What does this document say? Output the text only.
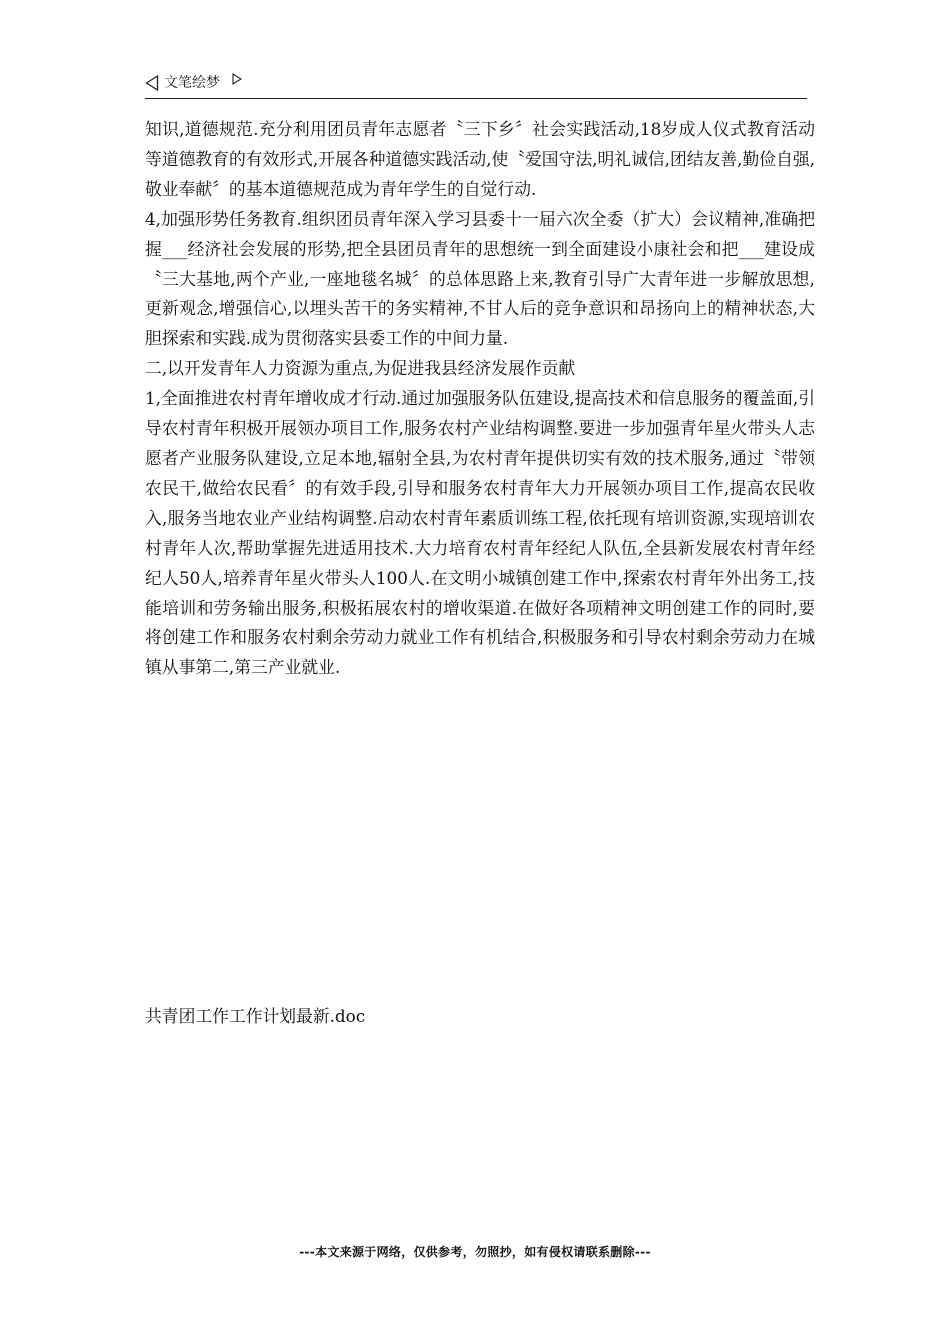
文笔绘梦

知识,道德规范.充分利用团员青年志愿者〝三下乡〞社会实践活动,18岁成人仪式教育活动等道德教育的有效形式,开展各种道德实践活动,使〝爱国守法,明礼诚信,团结友善,勤俭自强,敬业奉献〞的基本道德规范成为青年学生的自觉行动.

4,加强形势任务教育.组织团员青年深入学习县委十一届六次全委（扩大）会议精神,准确把握___经济社会发展的形势,把全县团员青年的思想统一到全面建设小康社会和把___建设成〝三大基地,两个产业,一座地毯名城〞的总体思路上来,教育引导广大青年进一步解放思想,更新观念,增强信心,以埋头苦干的务实精神,不甘人后的竞争意识和昂扬向上的精神状态,大胆探索和实践.成为贯彻落实县委工作的中间力量.

二,以开发青年人力资源为重点,为促进我县经济发展作贡献

1,全面推进农村青年增收成才行动.通过加强服务队伍建设,提高技术和信息服务的覆盖面,引导农村青年积极开展领办项目工作,服务农村产业结构调整.要进一步加强青年星火带头人志愿者产业服务队建设,立足本地,辐射全县,为农村青年提供切实有效的技术服务,通过〝带领农民干,做给农民看〞的有效手段,引导和服务农村青年大力开展领办项目工作,提高农民收入,服务当地农业产业结构调整.启动农村青年素质训练工程,依托现有培训资源,实现培训农村青年人次,帮助掌握先进适用技术.大力培育农村青年经纪人队伍,全县新发展农村青年经纪人50人,培养青年星火带头人100人.在文明小城镇创建工作中,探索农村青年外出务工,技能培训和劳务输出服务,积极拓展农村的增收渠道.在做好各项精神文明创建工作的同时,要将创建工作和服务农村剩余劳动力就业工作有机结合,积极服务和引导农村剩余劳动力在城镇从事第二,第三产业就业.

共青团工作工作计划最新.doc
---本文来源于网络，仅供参考，勿照抄，如有侵权请联系删除---
